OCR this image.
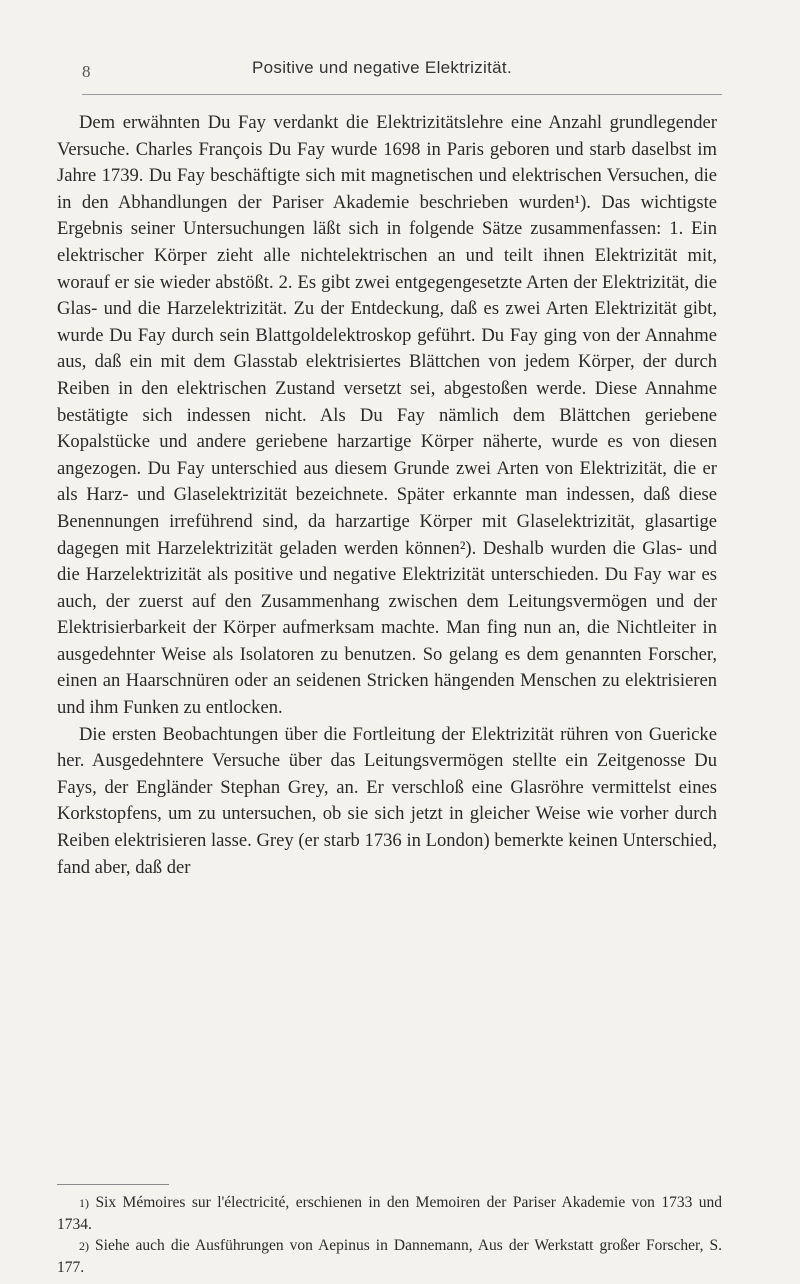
8	Positive und negative Elektrizität.

Dem erwähnten Du Fay verdankt die Elektrizitätslehre eine Anzahl grundlegender Versuche. Charles François Du Fay wurde 1698 in Paris geboren und starb daselbst im Jahre 1739. Du Fay beschäftigte sich mit magnetischen und elektrischen Versuchen, die in den Abhandlungen der Pariser Akademie beschrieben wurden¹). Das wichtigste Ergebnis seiner Untersuchungen läßt sich in folgende Sätze zusammenfassen: 1. Ein elektrischer Körper zieht alle nichtelektrischen an und teilt ihnen Elektrizität mit, worauf er sie wieder abstößt. 2. Es gibt zwei entgegengesetzte Arten der Elektrizität, die Glas- und die Harzelektrizität. Zu der Entdeckung, daß es zwei Arten Elektrizität gibt, wurde Du Fay durch sein Blattgoldelektroskop geführt. Du Fay ging von der Annahme aus, daß ein mit dem Glasstab elektrisiertes Blättchen von jedem Körper, der durch Reiben in den elektrischen Zustand versetzt sei, abgestoßen werde. Diese Annahme bestätigte sich indessen nicht. Als Du Fay nämlich dem Blättchen geriebene Kopalstücke und andere geriebene harzartige Körper näherte, wurde es von diesen angezogen. Du Fay unterschied aus diesem Grunde zwei Arten von Elektrizität, die er als Harz- und Glaselektrizität bezeichnete. Später erkannte man indessen, daß diese Benennungen irreführend sind, da harzartige Körper mit Glaselektrizität, glasartige dagegen mit Harzelektrizität geladen werden können²). Deshalb wurden die Glas- und die Harzelektrizität als positive und negative Elektrizität unterschieden. Du Fay war es auch, der zuerst auf den Zusammenhang zwischen dem Leitungsvermögen und der Elektrisierbarkeit der Körper aufmerksam machte. Man fing nun an, die Nichtleiter in ausgedehnter Weise als Isolatoren zu benutzen. So gelang es dem genannten Forscher, einen an Haarschnüren oder an seidenen Stricken hängenden Menschen zu elektrisieren und ihm Funken zu entlocken.

Die ersten Beobachtungen über die Fortleitung der Elektrizität rühren von Guericke her. Ausgedehntere Versuche über das Leitungsvermögen stellte ein Zeitgenosse Du Fays, der Engländer Stephan Grey, an. Er verschloß eine Glasröhre vermittelst eines Korkstopfens, um zu untersuchen, ob sie sich jetzt in gleicher Weise wie vorher durch Reiben elektrisieren lasse. Grey (er starb 1736 in London) bemerkte keinen Unterschied, fand aber, daß der

1) Six Mémoires sur l'électricité, erschienen in den Memoiren der Pariser Akademie von 1733 und 1734.

2) Siehe auch die Ausführungen von Aepinus in Dannemann, Aus der Werkstatt großer Forscher, S. 177.
